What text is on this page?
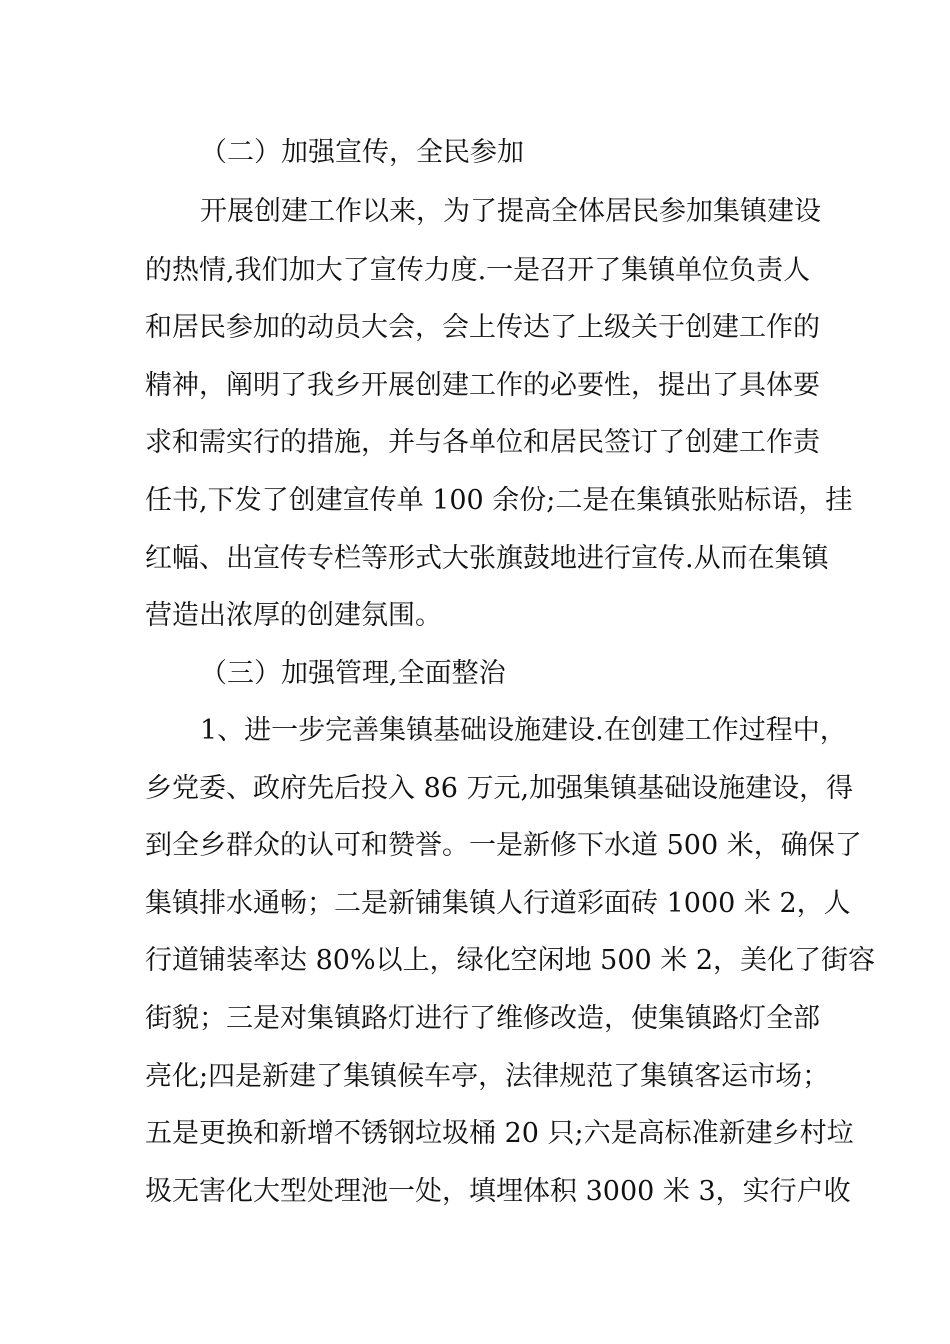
（二）加强宣传，全民参加
开展创建工作以来，为了提高全体居民参加集镇建设
的热情,我们加大了宣传力度.一是召开了集镇单位负责人
和居民参加的动员大会，会上传达了上级关于创建工作的
精神，阐明了我乡开展创建工作的必要性，提出了具体要
求和需实行的措施，并与各单位和居民签订了创建工作责
任书,下发了创建宣传单 100 余份;二是在集镇张贴标语，挂
红幅、出宣传专栏等形式大张旗鼓地进行宣传.从而在集镇
营造出浓厚的创建氛围。
（三）加强管理,全面整治
1、进一步完善集镇基础设施建设.在创建工作过程中，
乡党委、政府先后投入 86 万元,加强集镇基础设施建设，得
到全乡群众的认可和赞誉。一是新修下水道 500 米，确保了
集镇排水通畅；二是新铺集镇人行道彩面砖 1000 米 2，人
行道铺装率达 80%以上，绿化空闲地 500 米 2，美化了街容
街貌；三是对集镇路灯进行了维修改造，使集镇路灯全部
亮化;四是新建了集镇候车亭，法律规范了集镇客运市场；
五是更换和新增不锈钢垃圾桶 20 只;六是高标准新建乡村垃
圾无害化大型处理池一处，填埋体积 3000 米 3，实行户收
